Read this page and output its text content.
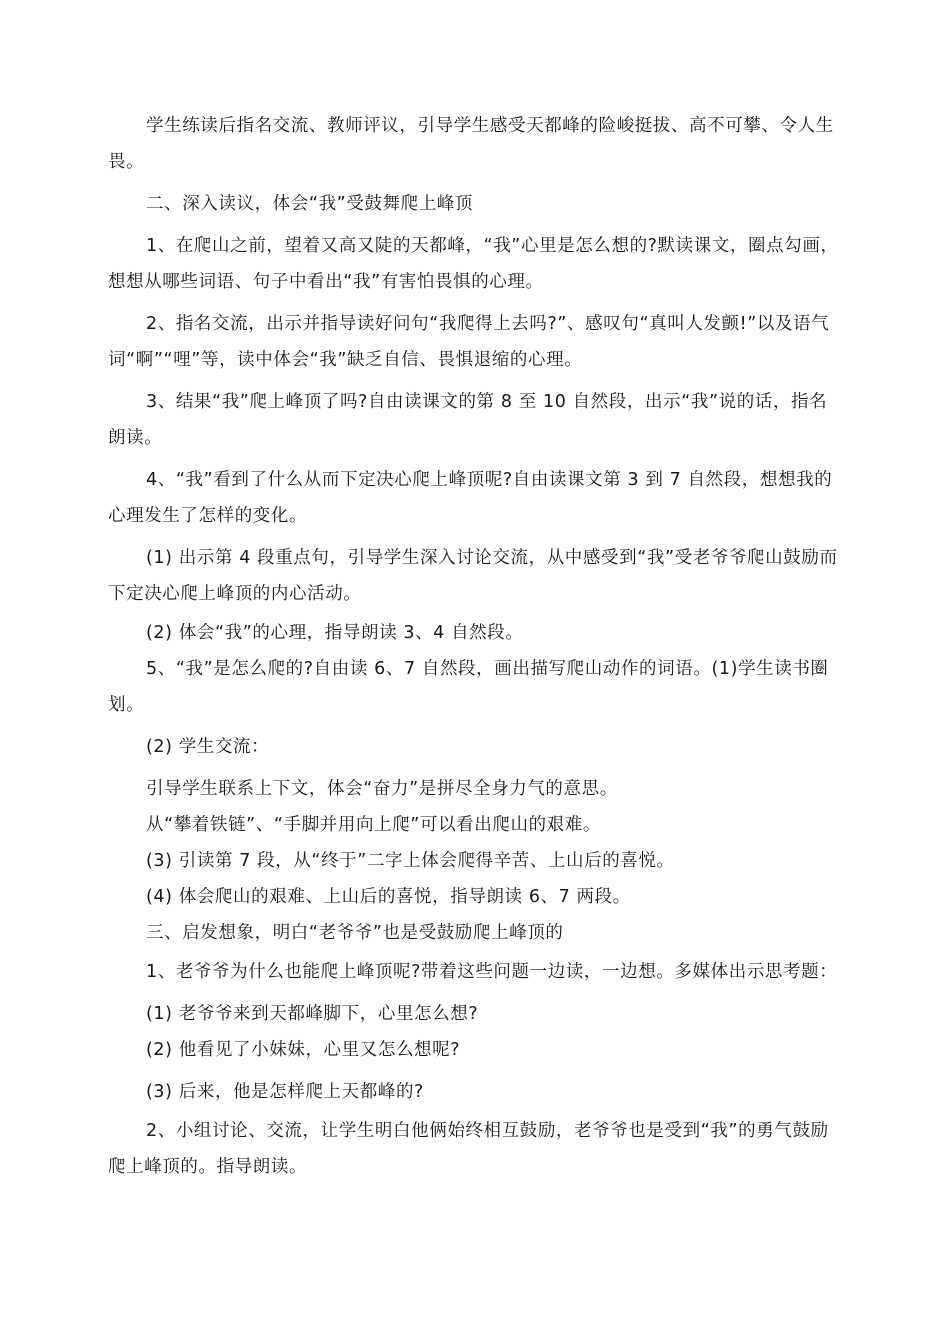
学生练读后指名交流、教师评议，引导学生感受天都峰的险峻挺拔、高不可攀、令人生畏。

二、深入读议，体会“我”受鼓舞爬上峰顶

1、在爬山之前，望着又高又陡的天都峰，“我”心里是怎么想的?默读课文，圈点勾画，想想从哪些词语、句子中看出“我”有害怕畏惧的心理。

2、指名交流，出示并指导读好问句“我爬得上去吗?”、感叹句“真叫人发颤!”以及语气词“啊”“哩”等，读中体会“我”缺乏自信、畏惧退缩的心理。

3、结果“我”爬上峰顶了吗?自由读课文的第 8 至 10 自然段，出示“我”说的话，指名朗读。

4、“我”看到了什么从而下定决心爬上峰顶呢?自由读课文第 3 到 7 自然段，想想我的心理发生了怎样的变化。

(1) 出示第 4 段重点句，引导学生深入讨论交流，从中感受到“我”受老爷爷爬山鼓励而下定决心爬上峰顶的内心活动。

(2) 体会“我”的心理，指导朗读 3、4 自然段。

5、“我”是怎么爬的?自由读 6、7 自然段，画出描写爬山动作的词语。(1)学生读书圈划。

(2) 学生交流：

引导学生联系上下文，体会“奋力”是拼尽全身力气的意思。

从“攀着铁链”、“手脚并用向上爬”可以看出爬山的艰难。

(3) 引读第 7 段，从“终于”二字上体会爬得辛苦、上山后的喜悦。

(4) 体会爬山的艰难、上山后的喜悦，指导朗读 6、7 两段。

三、启发想象，明白“老爷爷”也是受鼓励爬上峰顶的

1、老爷爷为什么也能爬上峰顶呢?带着这些问题一边读，一边想。多媒体出示思考题：

(1) 老爷爷来到天都峰脚下，心里怎么想?

(2) 他看见了小妹妹，心里又怎么想呢?

(3) 后来，他是怎样爬上天都峰的?

2、小组讨论、交流，让学生明白他俩始终相互鼓励，老爷爷也是受到“我”的勇气鼓励爬上峰顶的。指导朗读。
